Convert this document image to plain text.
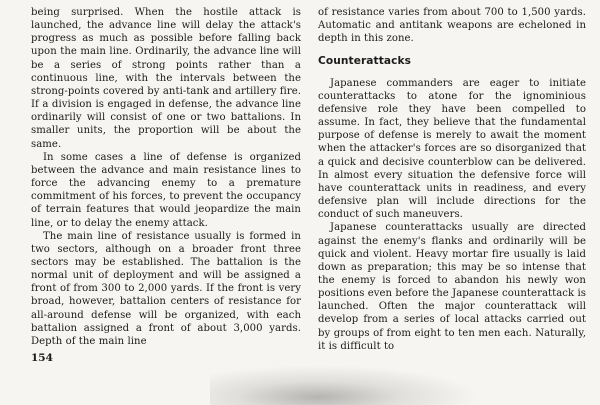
being surprised. When the hostile attack is launched, the advance line will delay the attack's progress as much as possible before falling back upon the main line. Ordinarily, the advance line will be a series of strong points rather than a continuous line, with the intervals between the strong-points covered by anti-tank and artillery fire. If a division is engaged in defense, the advance line ordinarily will consist of one or two battalions. In smaller units, the proportion will be about the same.

In some cases a line of defense is organized between the advance and main resistance lines to force the advancing enemy to a premature commitment of his forces, to prevent the occupancy of terrain features that would jeopardize the main line, or to delay the enemy attack.

The main line of resistance usually is formed in two sectors, although on a broader front three sectors may be established. The battalion is the normal unit of deployment and will be assigned a front of from 300 to 2,000 yards. If the front is very broad, however, battalion centers of resistance for all-around defense will be organized, with each battalion assigned a front of about 3,000 yards. Depth of the main line

of resistance varies from about 700 to 1,500 yards. Automatic and antitank weapons are echeloned in depth in this zone.

Counterattacks

Japanese commanders are eager to initiate counterattacks to atone for the ignominious defensive role they have been compelled to assume. In fact, they believe that the fundamental purpose of defense is merely to await the moment when the attacker's forces are so disorganized that a quick and decisive counterblow can be delivered. In almost every situation the defensive force will have counterattack units in readiness, and every defensive plan will include directions for the conduct of such maneuvers.

Japanese counterattacks usually are directed against the enemy's flanks and ordinarily will be quick and violent. Heavy mortar fire usually is laid down as preparation; this may be so intense that the enemy is forced to abandon his newly won positions even before the Japanese counterattack is launched. Often the major counterattack will develop from a series of local attacks carried out by groups of from eight to ten men each. Naturally, it is difficult to

154
